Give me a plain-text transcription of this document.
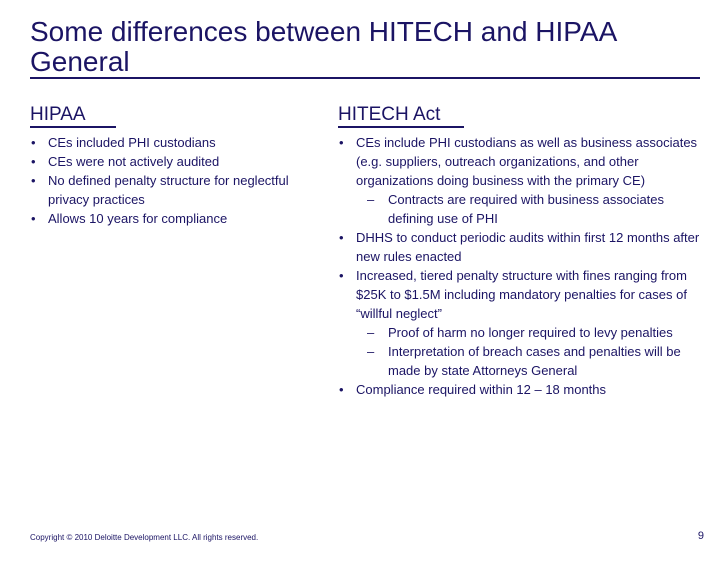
Some differences between HITECH and HIPAA General
HIPAA
• CEs included PHI custodians
• CEs were not actively audited
• No defined penalty structure for neglectful privacy practices
• Allows 10 years for compliance
HITECH Act
• CEs include PHI custodians as well as business associates (e.g. suppliers, outreach organizations, and other organizations doing business with the primary CE)
– Contracts are required with business associates defining use of PHI
• DHHS to conduct periodic audits within first 12 months after new rules enacted
• Increased, tiered penalty structure with fines ranging from $25K to $1.5M including mandatory penalties for cases of “willful neglect”
– Proof of harm no longer required to levy penalties
– Interpretation of breach cases and penalties will be made by state Attorneys General
• Compliance required within 12 – 18 months
Copyright © 2010 Deloitte Development LLC. All rights reserved.	9
